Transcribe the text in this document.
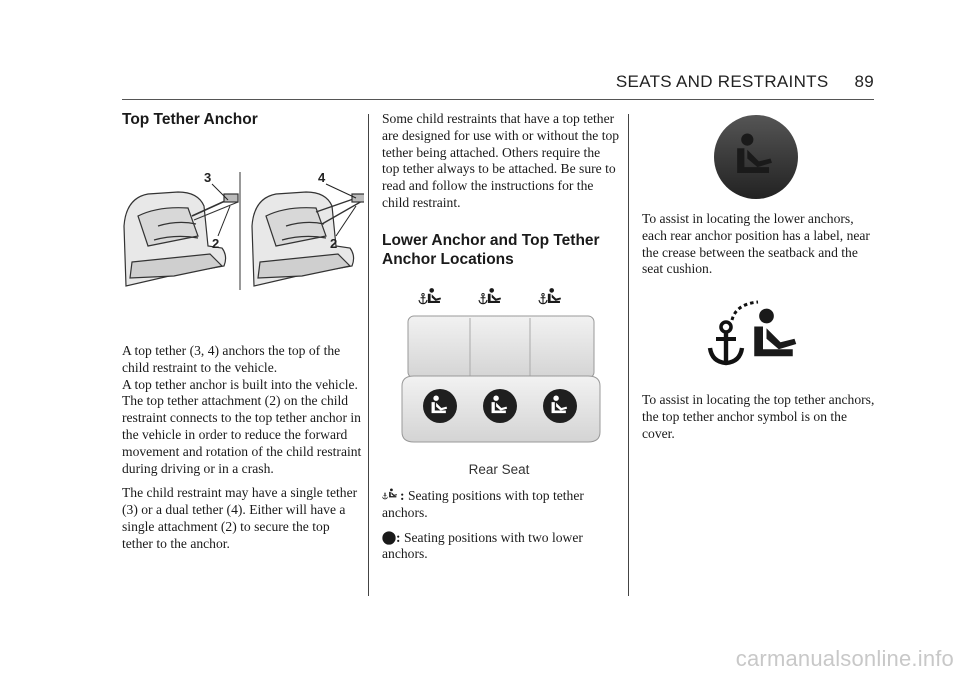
SEATS AND RESTRAINTS 89
Top Tether Anchor
3
2
4
2

A top tether (3, 4) anchors the top of the child restraint to the vehicle.

A top tether anchor is built into the vehicle. The top tether attachment (2) on the child restraint connects to the top tether anchor in the vehicle in order to reduce the forward movement and rotation of the child restraint during driving or in a crash.

The child restraint may have a single tether (3) or a dual tether (4). Either will have a single attachment (2) to secure the top tether to the anchor.

Some child restraints that have a top tether are designed for use with or without the top tether being attached. Others require the top tether always to be attached. Be sure to read and follow the instructions for the child restraint.

Lower Anchor and Top Tether Anchor Locations
Rear Seat

: Seating positions with top tether anchors.

: Seating positions with two lower anchors.

To assist in locating the lower anchors, each rear anchor position has a label, near the crease between the seatback and the seat cushion.

To assist in locating the top tether anchors, the top tether anchor symbol is on the cover.

carmanualsonline.info
